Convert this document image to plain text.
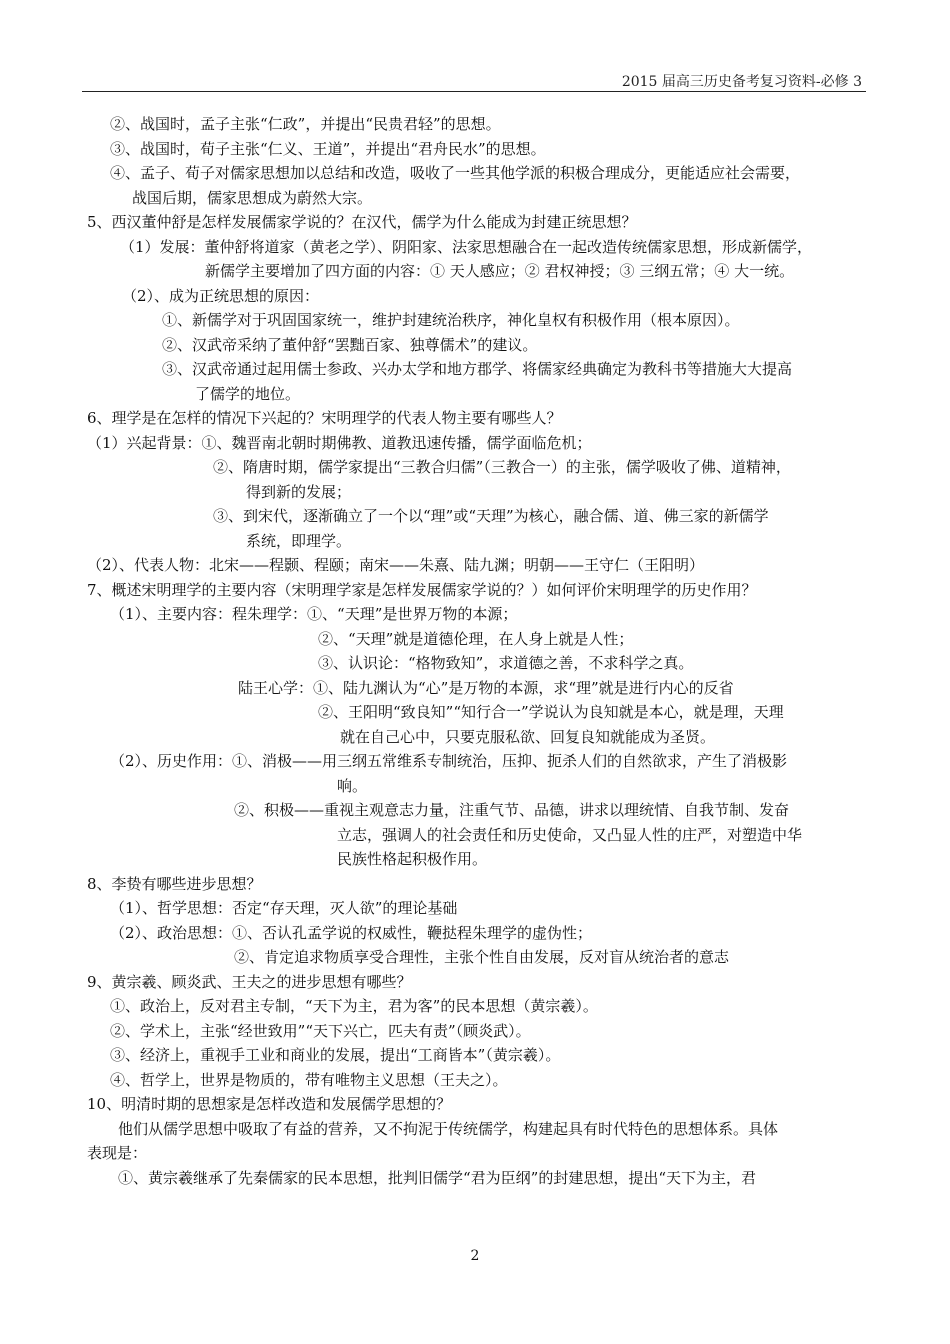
2015 届高三历史备考复习资料-必修 3
②、战国时，孟子主张“仁政”，并提出“民贵君轻”的思想。
③、战国时，荀子主张“仁义、王道”，并提出“君舟民水”的思想。
④、孟子、荀子对儒家思想加以总结和改造，吸收了一些其他学派的积极合理成分，更能适应社会需要，
战国后期，儒家思想成为蔚然大宗。
5、西汉董仲舒是怎样发展儒家学说的？在汉代，儒学为什么能成为封建正统思想？
（1）发展：董仲舒将道家（黄老之学）、阴阳家、法家思想融合在一起改造传统儒家思想，形成新儒学，
新儒学主要增加了四方面的内容：① 天人感应；② 君权神授；③ 三纲五常；④ 大一统。
（2）、成为正统思想的原因：
①、新儒学对于巩固国家统一，维护封建统治秩序，神化皇权有积极作用（根本原因）。
②、汉武帝采纳了董仲舒“罢黜百家、独尊儒术”的建议。
③、汉武帝通过起用儒士参政、兴办太学和地方郡学、将儒家经典确定为教科书等措施大大提高
了儒学的地位。
6、理学是在怎样的情况下兴起的？宋明理学的代表人物主要有哪些人？
（1）兴起背景：①、魏晋南北朝时期佛教、道教迅速传播，儒学面临危机；
②、隋唐时期，儒学家提出“三教合归儒”（三教合一）的主张，儒学吸收了佛、道精神，
得到新的发展；
③、到宋代，逐渐确立了一个以“理”或“天理”为核心，融合儒、道、佛三家的新儒学
系统，即理学。
（2）、代表人物：北宋——程颢、程颐；南宋——朱熹、陆九渊；明朝——王守仁（王阳明）
7、概述宋明理学的主要内容（宋明理学家是怎样发展儒家学说的？）如何评价宋明理学的历史作用？
（1）、主要内容：程朱理学：①、“天理”是世界万物的本源；
②、“天理”就是道德伦理，在人身上就是人性；
③、认识论：“格物致知”，求道德之善，不求科学之真。
陆王心学：①、陆九渊认为“心”是万物的本源，求“理”就是进行内心的反省
②、王阳明“致良知”“知行合一”学说认为良知就是本心，就是理，天理
就在自己心中，只要克服私欲、回复良知就能成为圣贤。
（2）、历史作用：①、消极——用三纲五常维系专制统治，压抑、扼杀人们的自然欲求，产生了消极影
响。
②、积极——重视主观意志力量，注重气节、品德，讲求以理统情、自我节制、发奋
立志，强调人的社会责任和历史使命，又凸显人性的庄严，对塑造中华
民族性格起积极作用。
8、李贽有哪些进步思想？
（1）、哲学思想：否定“存天理，灭人欲”的理论基础
（2）、政治思想：①、否认孔孟学说的权威性，鞭挞程朱理学的虚伪性；
②、肯定追求物质享受合理性，主张个性自由发展，反对盲从统治者的意志
9、黄宗羲、顾炎武、王夫之的进步思想有哪些？
①、政治上，反对君主专制，“天下为主，君为客”的民本思想（黄宗羲）。
②、学术上，主张“经世致用”“天下兴亡，匹夫有责”（顾炎武）。
③、经济上，重视手工业和商业的发展，提出“工商皆本”（黄宗羲）。
④、哲学上，世界是物质的，带有唯物主义思想（王夫之）。
10、明清时期的思想家是怎样改造和发展儒学思想的？
他们从儒学思想中吸取了有益的营养，又不拘泥于传统儒学，构建起具有时代特色的思想体系。具体
表现是：
①、黄宗羲继承了先秦儒家的民本思想，批判旧儒学“君为臣纲”的封建思想，提出“天下为主，君
2
